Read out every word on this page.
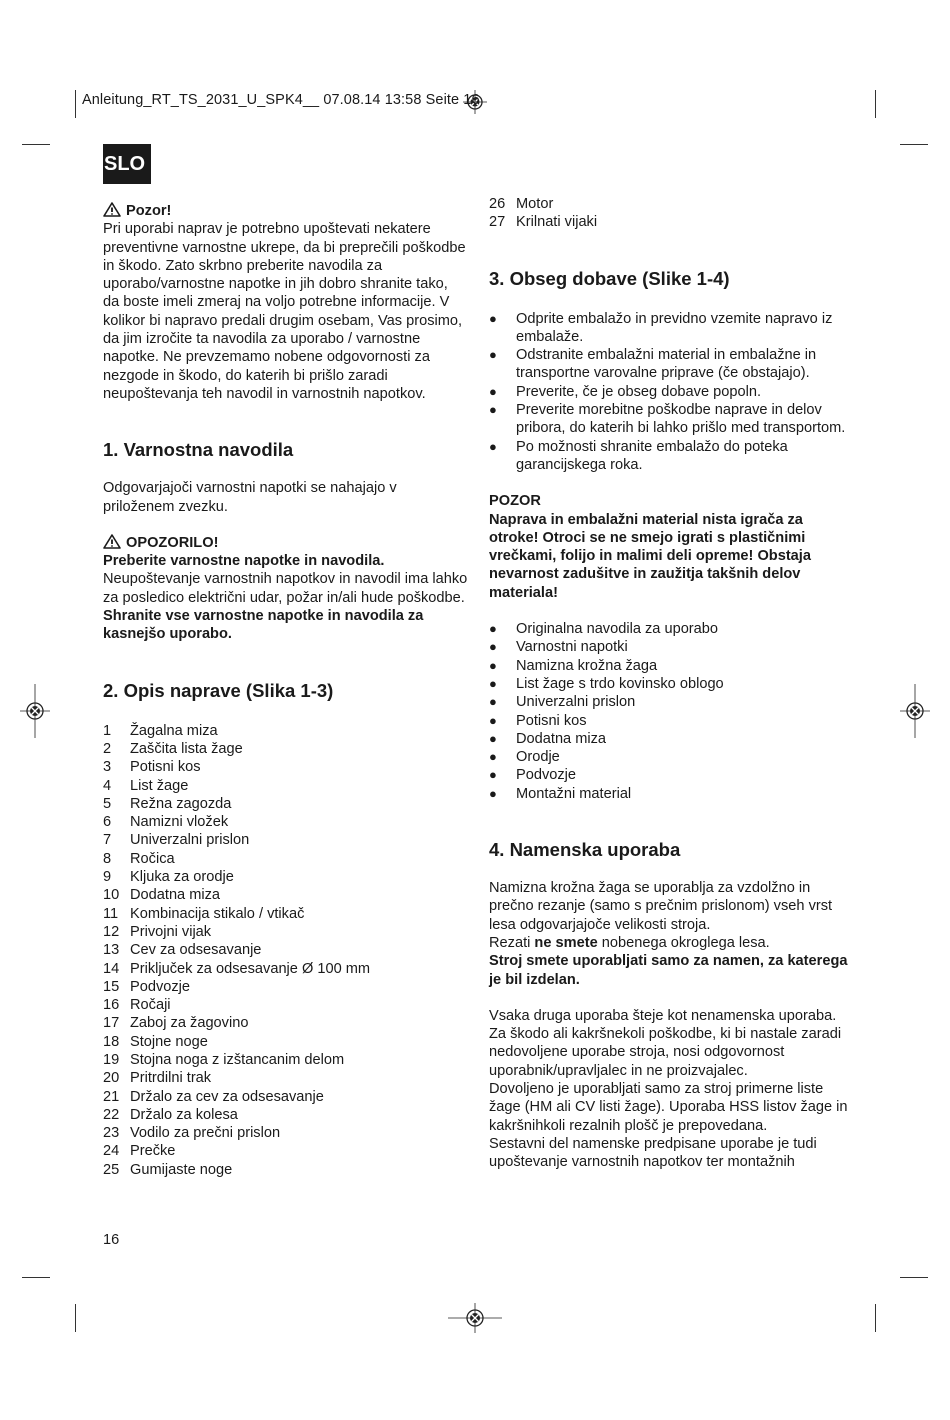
Anleitung_RT_TS_2031_U_SPK4__ 07.08.14 13:58 Seite 16
SLO

Pozor!

Pri uporabi naprav je potrebno upoštevati nekatere preventivne varnostne ukrepe, da bi preprečili poškodbe in škodo. Zato skrbno preberite navodila za uporabo/varnostne napotke in jih dobro shranite tako, da boste imeli zmeraj na voljo potrebne informacije. V kolikor bi napravo predali drugim osebam, Vas prosimo, da jim izročite ta navodila za uporabo / varnostne napotke. Ne prevzemamo nobene odgovornosti za nezgode in škodo, do katerih bi prišlo zaradi neupoštevanja teh navodil in varnostnih napotkov.

1. Varnostna navodila

Odgovarjajoči varnostni napotki se nahajajo v priloženem zvezku.

OPOZORILO!

Preberite varnostne napotke in navodila.

Neupoštevanje varnostnih napotkov in navodil ima lahko za posledico električni udar, požar in/ali hude poškodbe.

Shranite vse varnostne napotke in navodila za kasnejšo uporabo.

2. Opis naprave (Slika 1-3)
1	Žagalna miza
2	Zaščita lista žage
3	Potisni kos
4	List žage
5	Režna zagozda
6	Namizni vložek
7	Univerzalni prislon
8	Ročica
9	Kljuka za orodje
10 Dodatna miza
11 Kombinacija stikalo / vtikač
12 Privojni vijak
13 Cev za odsesavanje
14 Priključek za odsesavanje Ø 100 mm
15 Podvozje
16 Ročaji
17 Zaboj za žagovino
18 Stojne noge
19 Stojna noga z izštancanim delom
20 Pritrdilni trak
21 Držalo za cev za odsesavanje
22 Držalo za kolesa
23 Vodilo za prečni prislon
24 Prečke
25 Gumijaste noge
16
26 Motor
27 Krilnati vijaki
3. Obseg dobave (Slike 1-4)
●	Odprite embalažo in previdno vzemite napravo iz embalaže.
●	Odstranite embalažni material in embalažne in transportne varovalne priprave (če obstajajo).
●	Preverite, če je obseg dobave popoln.
●	Preverite morebitne poškodbe naprave in delov pribora, do katerih bi lahko prišlo med transportom.
●	Po možnosti shranite embalažo do poteka garancijskega roka.

POZOR

Naprava in embalažni material nista igrača za otroke! Otroci se ne smejo igrati s plastičnimi vrečkami, folijo in malimi deli opreme! Obstaja nevarnost zadušitve in zaužitja takšnih delov materiala!

●	Originalna navodila za uporabo
●	Varnostni napotki
●	Namizna krožna žaga
●	List žage s trdo kovinsko oblogo
●	Univerzalni prislon
●	Potisni kos
●	Dodatna miza
●	Orodje
●	Podvozje
●	Montažni material
4. Namenska uporaba

Namizna krožna žaga se uporablja za vzdolžno in prečno rezanje (samo s prečnim prislonom) vseh vrst lesa odgovarjajoče velikosti stroja.

Rezati ne smete nobenega okroglega lesa.

Stroj smete uporabljati samo za namen, za katerega je bil izdelan.

Vsaka druga uporaba šteje kot nenamenska uporaba. Za škodo ali kakršnekoli poškodbe, ki bi nastale zaradi nedovoljene uporabe stroja, nosi odgovornost uporabnik/upravljalec in ne proizvajalec.

Dovoljeno je uporabljati samo za stroj primerne liste žage (HM ali CV listi žage). Uporaba HSS listov žage in kakršnihkoli rezalnih plošč je prepovedana.

Sestavni del namenske predpisane uporabe je tudi upoštevanje varnostnih napotkov ter montažnih
